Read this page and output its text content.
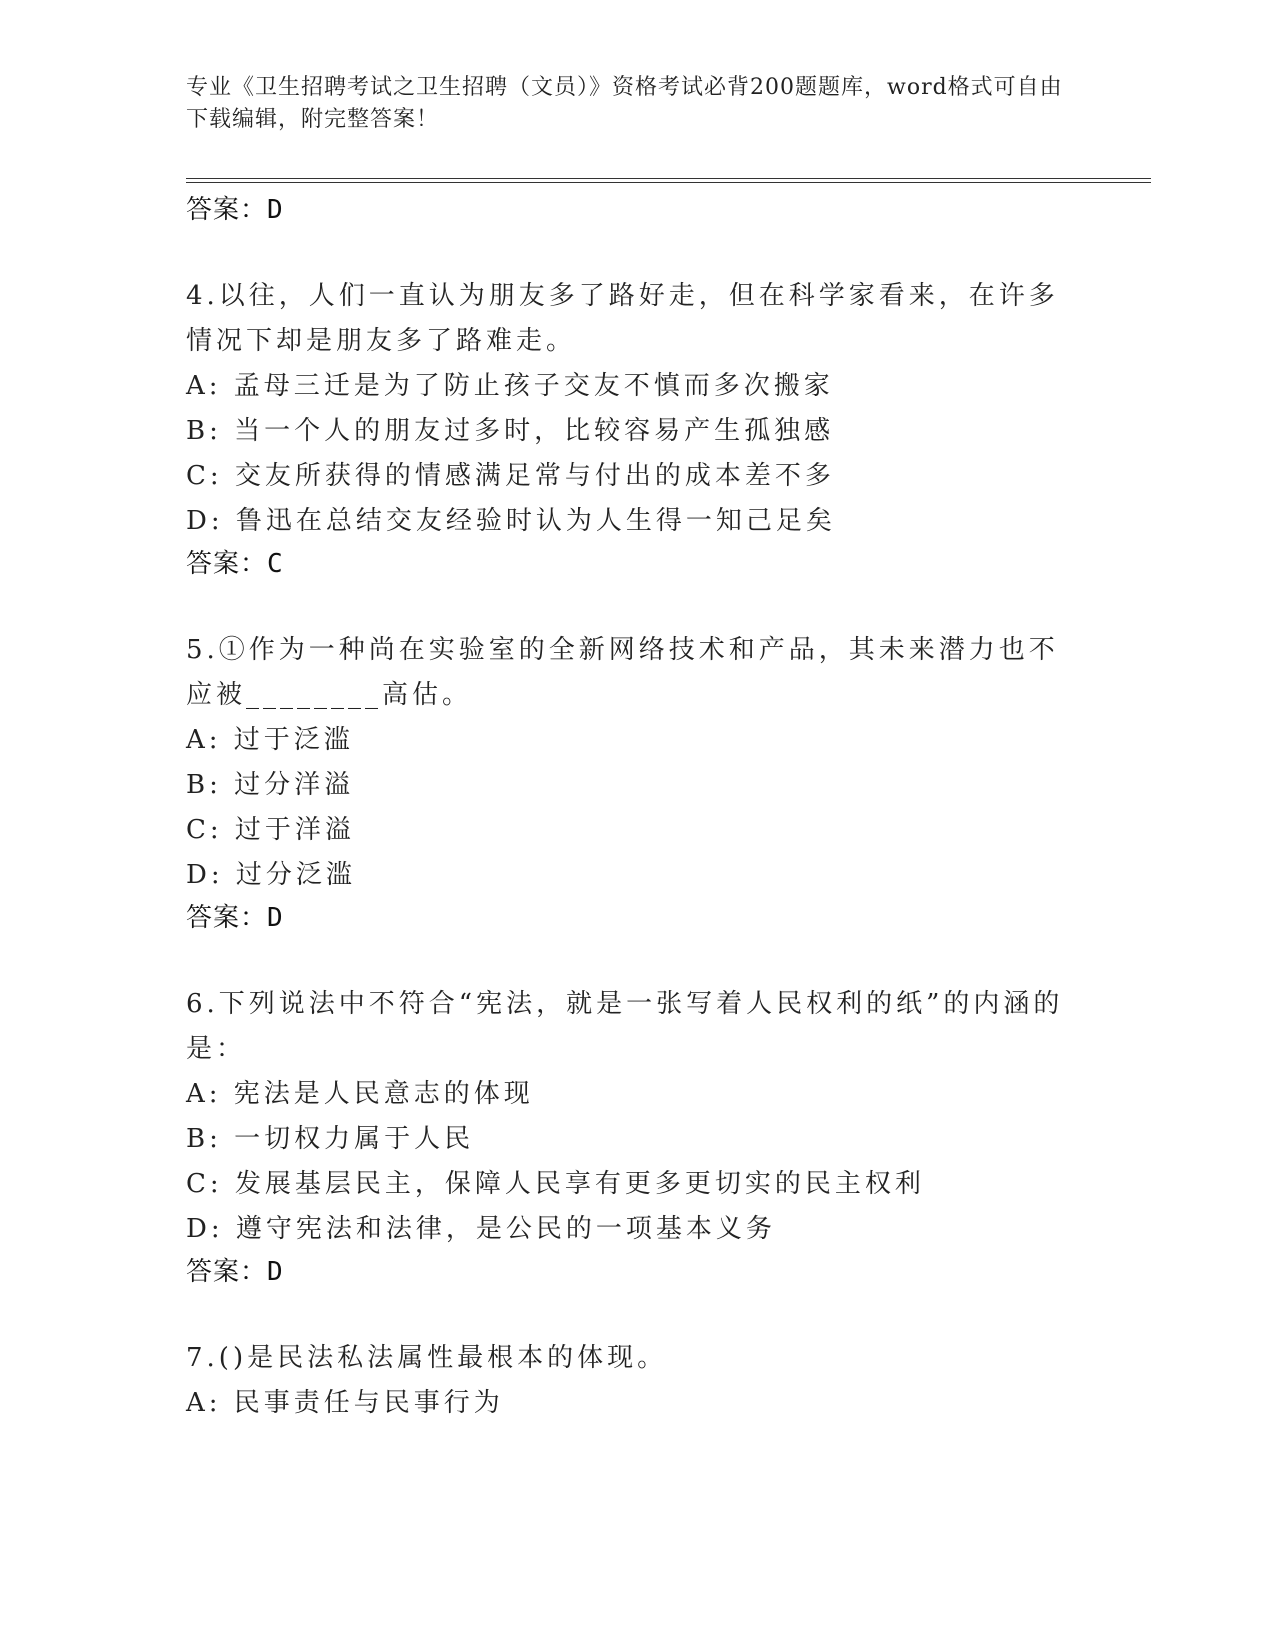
专业《卫生招聘考试之卫生招聘（文员）》资格考试必背200题题库，word格式可自由下载编辑，附完整答案！
答案：D
4.以往，人们一直认为朋友多了路好走，但在科学家看来，在许多情况下却是朋友多了路难走。
A: 孟母三迁是为了防止孩子交友不慎而多次搬家
B: 当一个人的朋友过多时，比较容易产生孤独感
C: 交友所获得的情感满足常与付出的成本差不多
D: 鲁迅在总结交友经验时认为人生得一知己足矣
答案：C
5.①作为一种尚在实验室的全新网络技术和产品，其未来潜力也不应被________高估。
A: 过于泛滥
B: 过分洋溢
C: 过于洋溢
D: 过分泛滥
答案：D
6.下列说法中不符合“宪法，就是一张写着人民权利的纸”的内涵的是：
A: 宪法是人民意志的体现
B: 一切权力属于人民
C: 发展基层民主，保障人民享有更多更切实的民主权利
D: 遵守宪法和法律，是公民的一项基本义务
答案：D
7.()是民法私法属性最根本的体现。
A: 民事责任与民事行为
